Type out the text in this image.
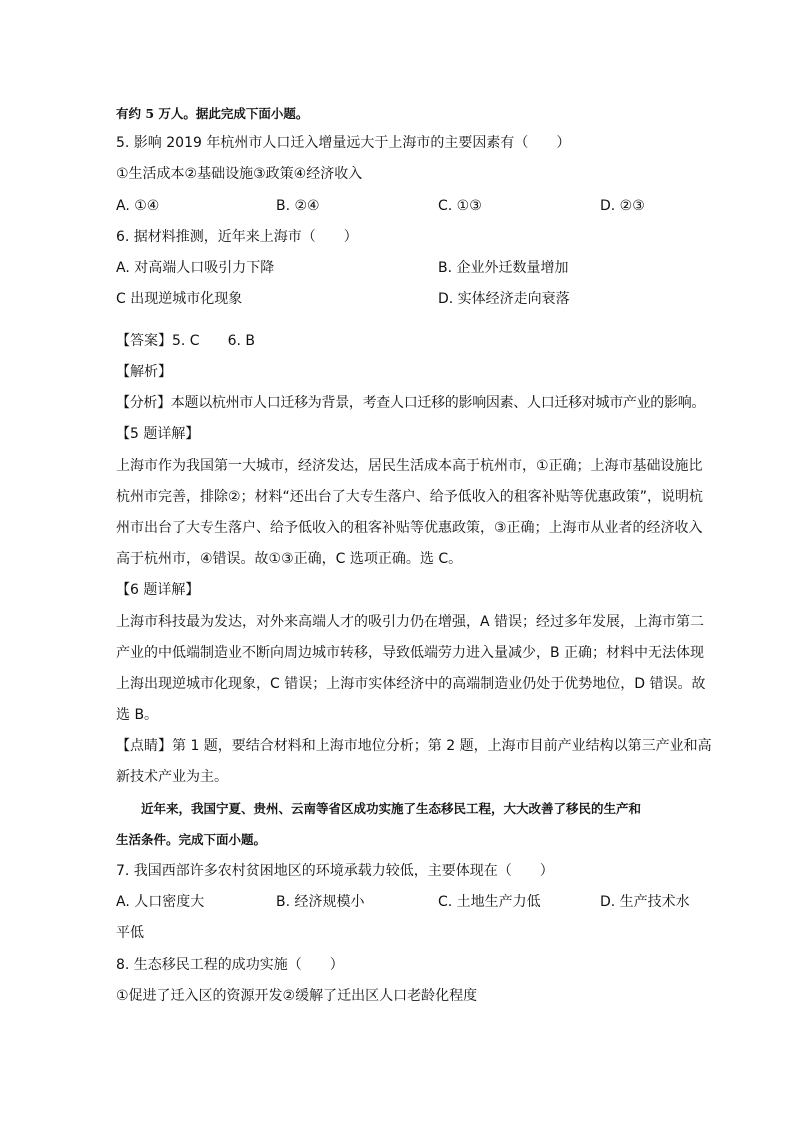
有约 5 万人。据此完成下面小题。
5. 影响 2019 年杭州市人口迁入增量远大于上海市的主要因素有（　　）
①生活成本②基础设施③政策④经济收入
A. ①④	B. ②④	C. ①③	D. ②③
6. 据材料推测，近年来上海市（　　）
A. 对高端人口吸引力下降	B. 企业外迁数量增加
C 出现逆城市化现象	D. 实体经济走向衰落
【答案】5. C　　6. B
【解析】
【分析】本题以杭州市人口迁移为背景，考查人口迁移的影响因素、人口迁移对城市产业的影响。
【5 题详解】
上海市作为我国第一大城市，经济发达，居民生活成本高于杭州市，①正确；上海市基础设施比
杭州市完善，排除②；材料“还出台了大专生落户、给予低收入的租客补贴等优惠政策”，说明杭
州市出台了大专生落户、给予低收入的租客补贴等优惠政策，③正确；上海市从业者的经济收入
高于杭州市，④错误。故①③正确，C 选项正确。选 C。
【6 题详解】
上海市科技最为发达，对外来高端人才的吸引力仍在增强，A 错误；经过多年发展，上海市第二
产业的中低端制造业不断向周边城市转移，导致低端劳力进入量减少，B 正确；材料中无法体现
上海出现逆城市化现象，C 错误；上海市实体经济中的高端制造业仍处于优势地位，D 错误。故
选 B。
【点睛】第 1 题，要结合材料和上海市地位分析；第 2 题，上海市目前产业结构以第三产业和高
新技术产业为主。
　　近年来，我国宁夏、贵州、云南等省区成功实施了生态移民工程，大大改善了移民的生产和
生活条件。完成下面小题。
7. 我国西部许多农村贫困地区的环境承载力较低，主要体现在（　　）
A. 人口密度大	B. 经济规模小	C. 土地生产力低	D. 生产技术水
平低
8. 生态移民工程的成功实施（　　）
①促进了迁入区的资源开发②缓解了迁出区人口老龄化程度
